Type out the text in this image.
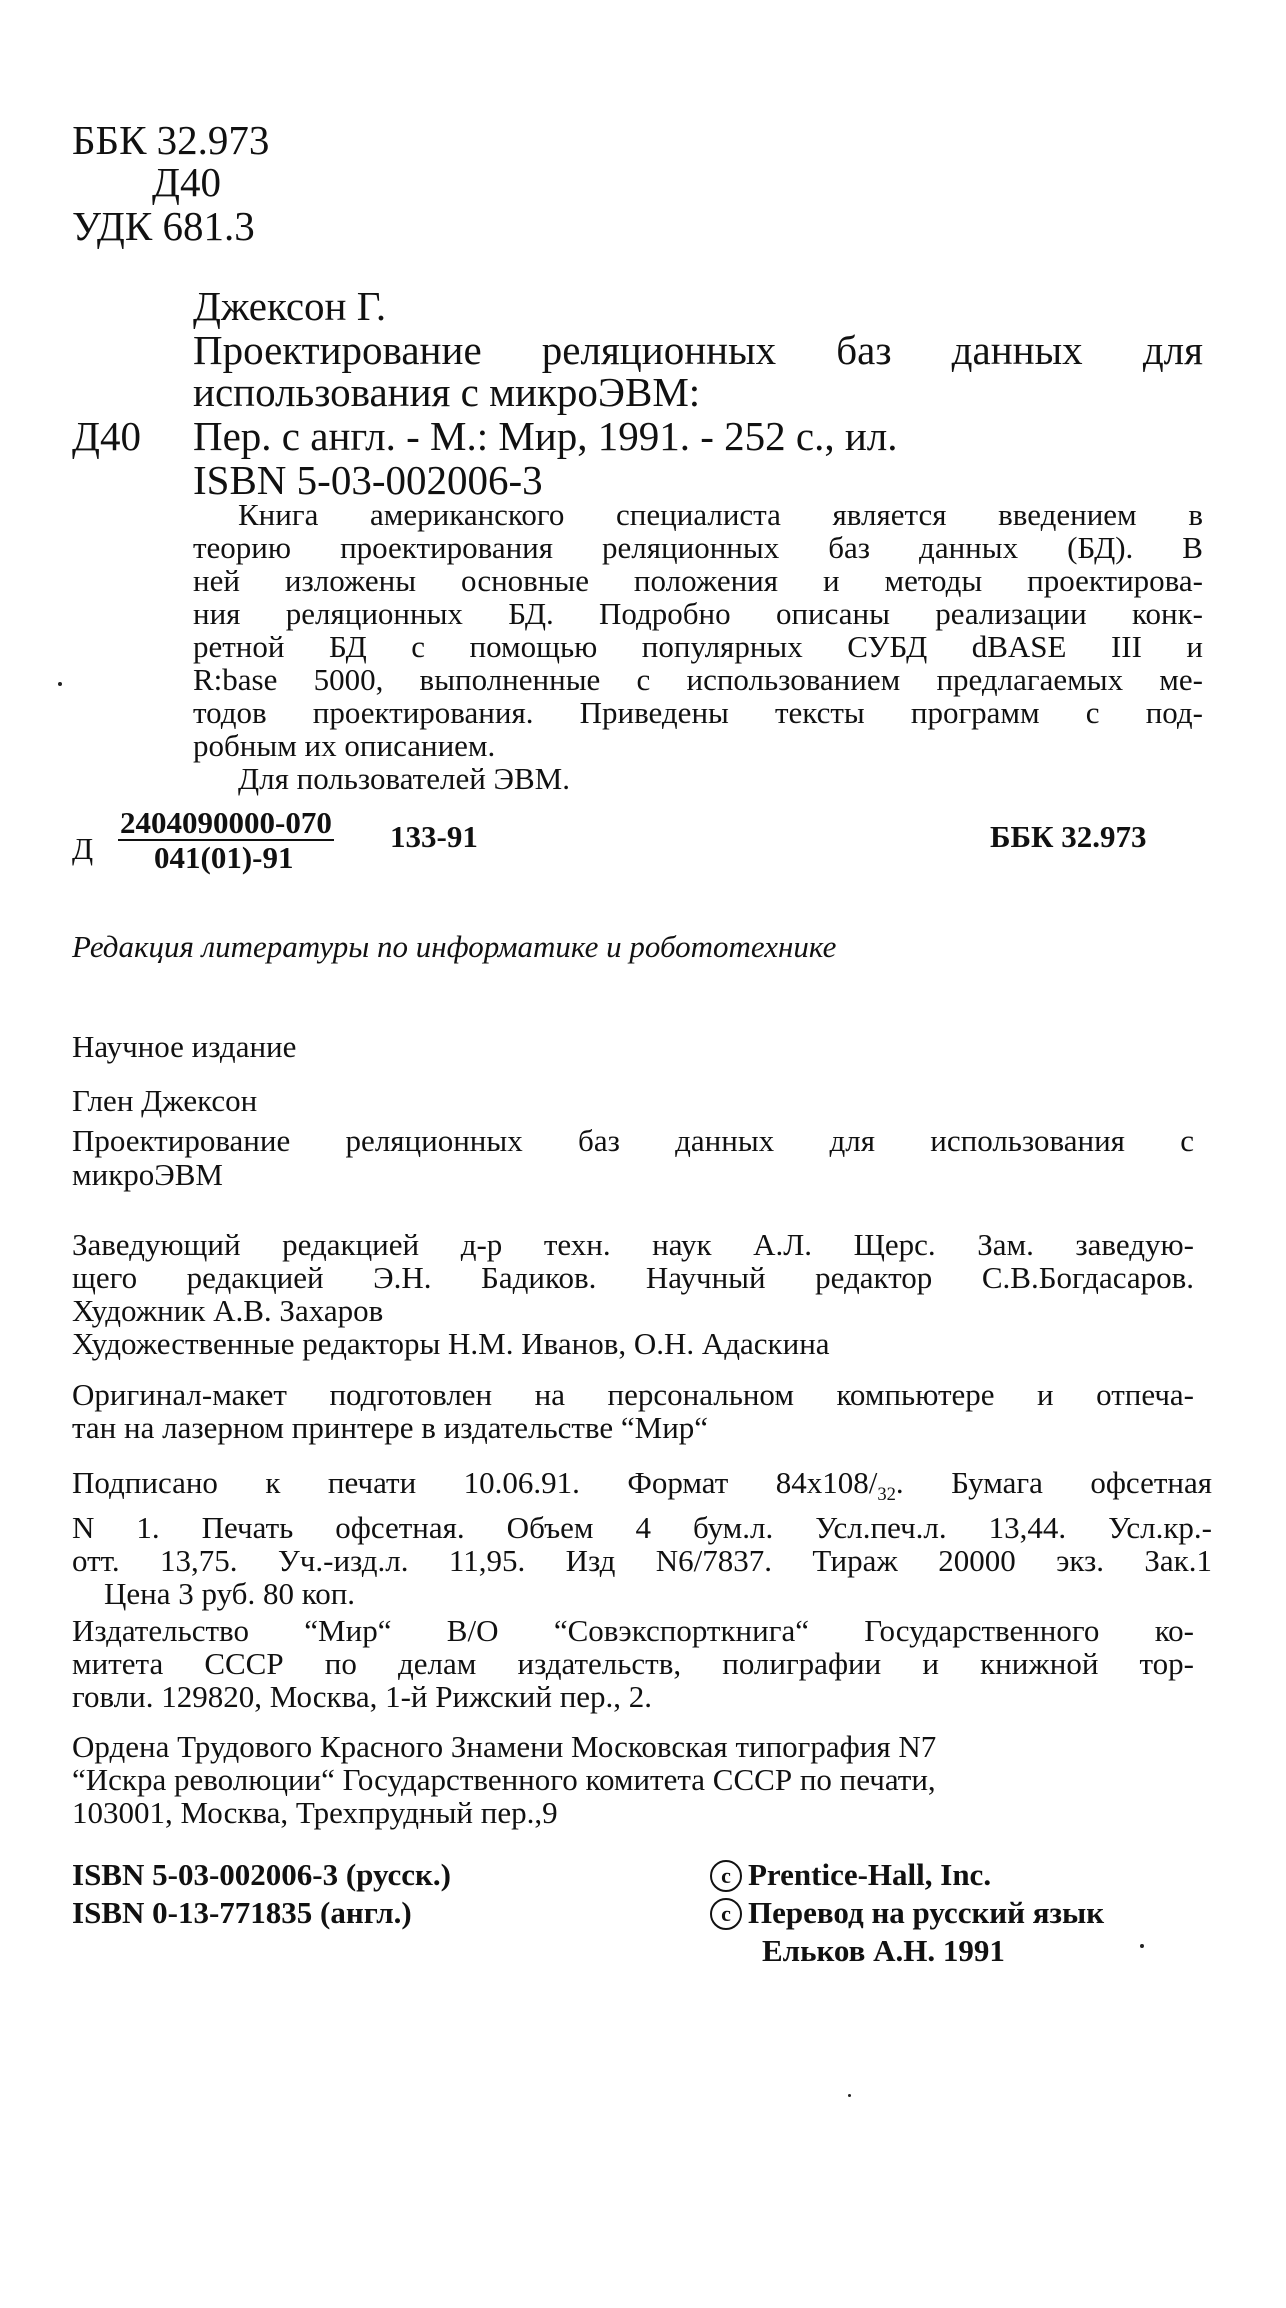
ББК 32.973
Д40
УДК 681.3
Джексон Г.
Проектирование реляционных баз данных для
использования с микроЭВМ:
Д40 Пер. с англ. - М.: Мир, 1991. - 252 с., ил.
ISBN 5-03-002006-3
Книга американского специалиста является введением в
теорию проектирования реляционных баз данных (БД). В
ней изложены основные положения и методы проектирова-
ния реляционных БД. Подробно описаны реализации конк-
ретной БД с помощью популярных СУБД dBASE III и
R:base 5000, выполненные с использованием предлагаемых ме-
тодов проектирования. Приведены тексты программ с под-
робным их описанием.
Для пользователей ЭВМ.
Д $\frac{2404090000-070}{041(01)-91} 133-91$	ББК 32.973
Редакция литературы по информатике и робототехнике
Научное издание
Глен Джексон
Проектирование реляционных баз данных для использования с
микроЭВМ
Заведующий редакцией д-р техн. наук А.Л. Щерс. Зам. заведую-
щего редакцией Э.Н. Бадиков. Научный редактор С.В.Богдасаров.
Художник А.В. Захаров
Художественные редакторы Н.М. Иванов, О.Н. Адаскина
Оригинал-макет подготовлен на персональном компьютере и отпеча-
тан на лазерном принтере в издательстве “Мир“
Подписано к печати 10.06.91. Формат $84х108/_{32}$. Бумага офсетная
N 1. Печать офсетная. Объем 4 бум.л. Усл.печ.л. 13,44. Усл.кр.-
отт. 13,75. Уч.-изд.л. 11,95. Изд N6/7837. Тираж 20000 экз. Зак.1
Цена 3 руб. 80 коп.
Издательство “Мир“ В/О “Совэкспорткнига“ Государственного ко-
митета СССР по делам издательств, полиграфии и книжной тор-
говли. 129820, Москва, 1-й Рижский пер., 2.
Ордена Трудового Красного Знамени Московская типография N7
“Искра революции“ Государственного комитета СССР по печати,
103001, Москва, Трехпрудный пер.,9
ISBN 5-03-002006-3 (русск.)
ISBN 0-13-771835 (англ.)
c Prentice-Hall, Inc.
c Перевод на русский язык
Ельков А.Н. 1991
